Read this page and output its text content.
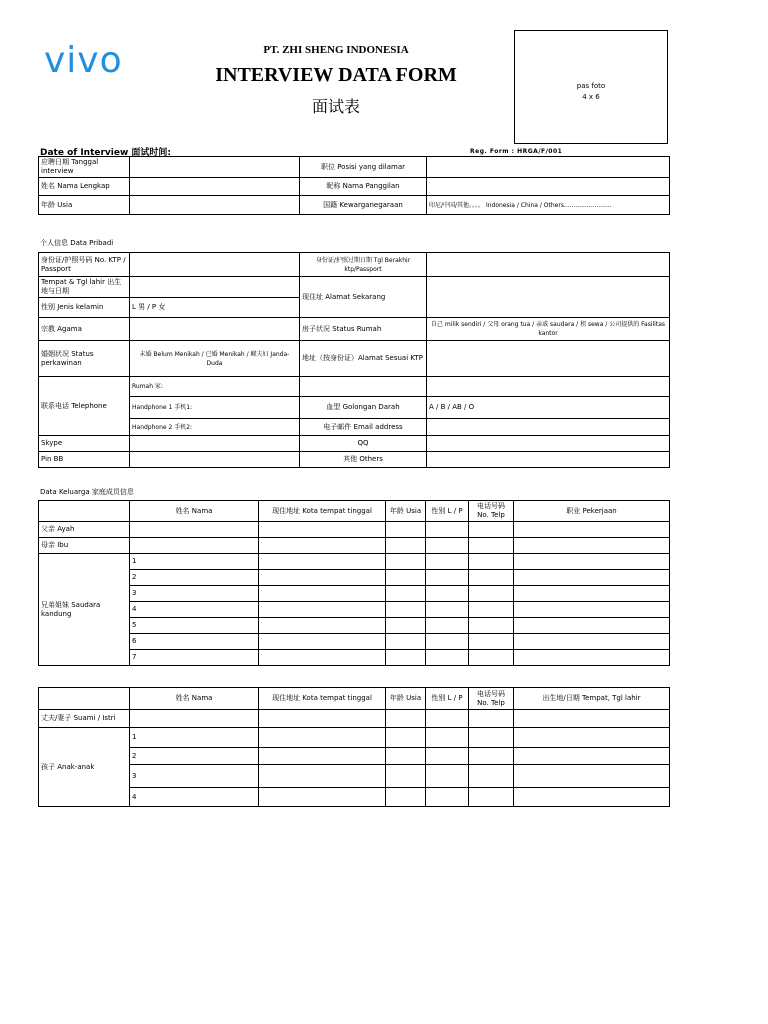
vivo	PT. ZHI SHENG INDONESIA
INTERVIEW DATA FORM
面试表
pas foto
4 x 6
Date of Interview 面试时间:	Reg. Form : HRGA/F/001
应聘日期 Tanggal interview		职位 Posisi yang dilamar	
姓名 Nama Lengkap		昵称 Nama Panggilan	
年龄 Usia		国籍 Kewarganegaraan	印尼/中国/其他。。。。 Indonesia / China / Others.........................
个人信息 Data Pribadi
身份证/护照号码 No. KTP / Passport		身份证/护照过期日期 Tgl Berakhir ktp/Passport	
Tempat & Tgl lahir 出生地与日期		现住址 Alamat Sekarang	
性别 Jenis kelamin	L 男 / P 女		
宗教 Agama		房子状况 Status Rumah	自己 milik sendiri / 父母 orang tua / 亲戚 saudara / 租 sewa / 公司提供的 Fasilitas kantor
婚姻状况 Status perkawinan	未婚 Belum Menikah / 已婚 Menikah / 鳏夫妇 Janda-Duda	地址（按身份证）Alamat Sesuai KTP	
联系电话 Telephone	Rumah 家:		
	Handphone 1 手机1:	血型 Golongan Darah	A / B / AB / O
	Handphone 2 手机2:	电子邮件 Email address	
Skype		QQ	
Pin BB		其他 Others	
Data Keluarga 家庭成员信息
	姓名 Nama	现住地址 Kota tempat tinggal	年龄 Usia	性别 L / P	电话号码 No. Telp	职业 Pekerjaan
父亲 Ayah						
母亲 Ibu						
兄弟姐妹 Saudara kandung	1					
	2					
	3					
	4					
	5					
	6					
	7					
	姓名 Nama	现住地址 Kota tempat tinggal	年龄 Usia	性别 L / P	电话号码 No. Telp	出生地/日期 Tempat, Tgl lahir
丈夫/妻子 Suami / Istri						
孩子 Anak-anak	1					
	2					
	3					
	4					
